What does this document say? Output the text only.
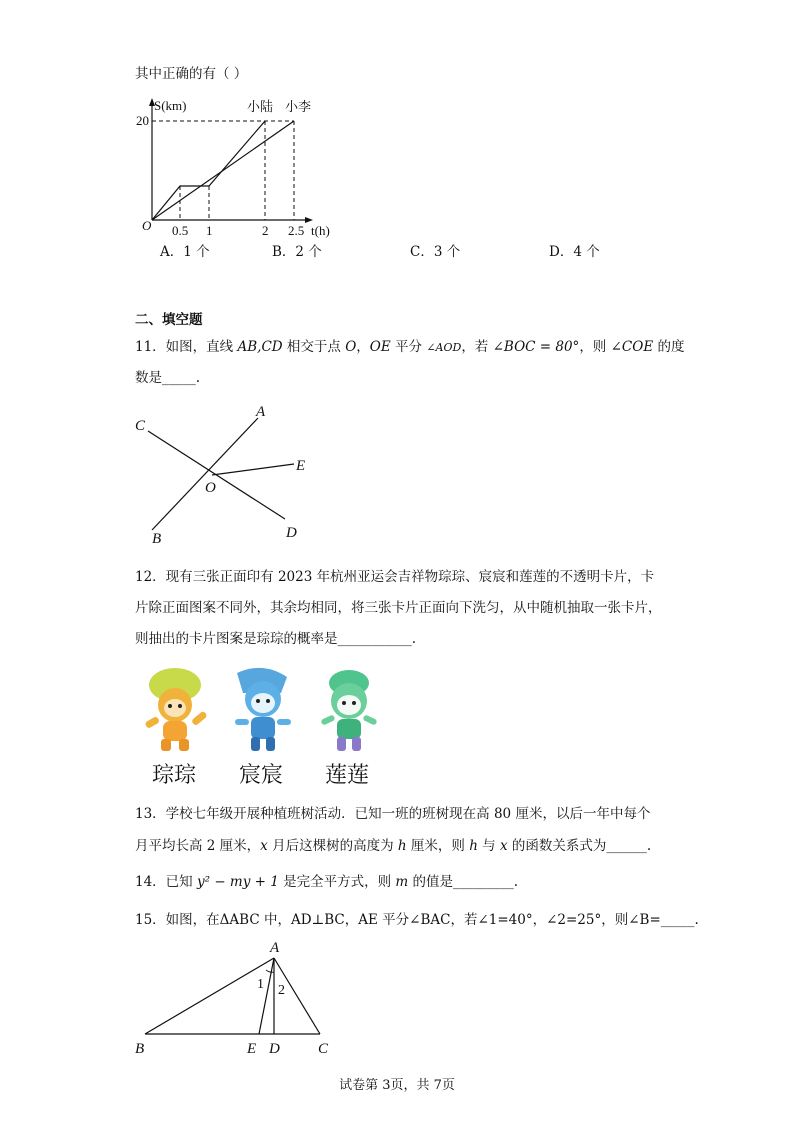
其中正确的有（ ）
S(km)
20
O 0.5 1	2 2.5 t(h)
小陆 小李
A．1 个	B．2 个	C．3 个	D．4 个
二、填空题
11．如图，直线 AB,CD 相交于点 O，OE 平分 ∠AOD，若 ∠BOC = 80°，则 ∠COE 的度
数是_____.
A
B
C
D
E
O
12．现有三张正面印有 2023 年杭州亚运会吉祥物琮琮、宸宸和莲莲的不透明卡片，卡
片除正面图案不同外，其余均相同，将三张卡片正面向下洗匀，从中随机抽取一张卡片，
则抽出的卡片图案是琮琮的概率是___________.
琮琮 宸宸 莲莲
13．学校七年级开展种植班树活动．已知一班的班树现在高 80 厘米，以后一年中每个
月平均长高 2 厘米，x 月后这棵树的高度为 h 厘米，则 h 与 x 的函数关系式为______.
14．已知 y² − my + 1 是完全平方式，则 m 的值是_________.
15．如图，在ΔABC 中，AD⊥BC，AE 平分∠BAC，若∠1=40°，∠2=25°，则∠B=_____.
A
B	C
D
E
1 2
试卷第 3页，共 7页
